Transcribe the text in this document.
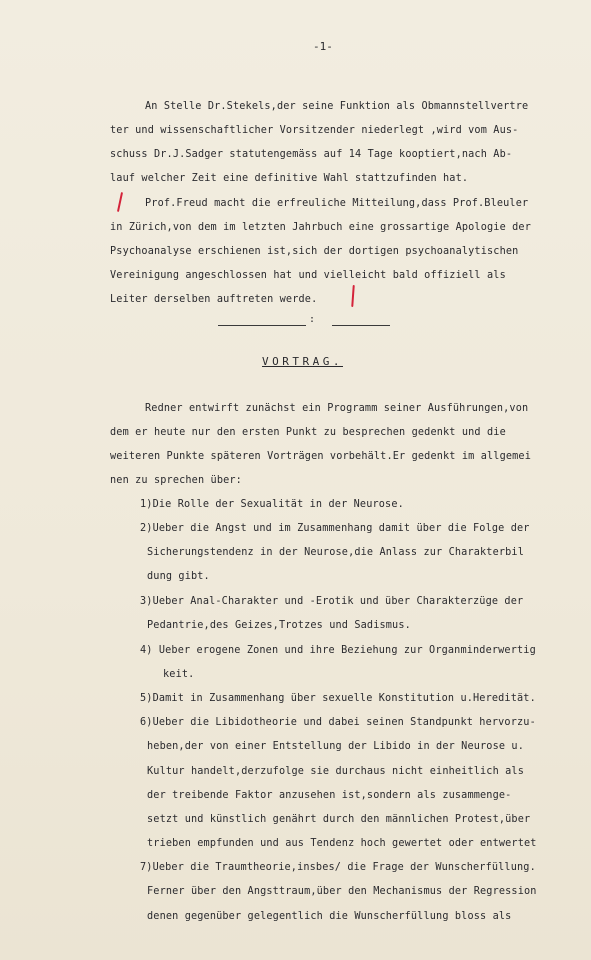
-1-
An Stelle Dr.Stekels,der seine Funktion als Obmannstellvertre
ter und wissenschaftlicher Vorsitzender niederlegt ,wird vom Aus-
schuss Dr.J.Sadger statutengemäss auf 14 Tage kooptiert,nach Ab-
lauf welcher Zeit eine definitive Wahl stattzufinden hat.
Prof.Freud macht die erfreuliche Mitteilung,dass Prof.Bleuler
in Zürich,von dem im letzten Jahrbuch eine grossartige Apologie der
Psychoanalyse erschienen ist,sich der dortigen psychoanalytischen
Vereinigung angeschlossen hat und vielleicht bald offiziell als
Leiter derselben auftreten werde.
:
VORTRAG.
Redner entwirft zunächst ein Programm seiner Ausführungen,von
dem er heute nur den ersten Punkt zu besprechen gedenkt und die
weiteren Punkte späteren Vorträgen vorbehält.Er gedenkt im allgemei
nen zu sprechen über:
1)Die Rolle der Sexualität in der Neurose.
2)Ueber die Angst und im Zusammenhang damit über die Folge der
Sicherungstendenz in der Neurose,die Anlass zur Charakterbil
dung gibt.
3)Ueber Anal-Charakter und -Erotik und über Charakterzüge der
Pedantrie,des Geizes,Trotzes und Sadismus.
4) Ueber erogene Zonen und ihre Beziehung zur Organminderwertig
keit.
5)Damit in Zusammenhang über sexuelle Konstitution u.Heredität.
6)Ueber die Libidotheorie und dabei seinen Standpunkt hervorzu-
heben,der von einer Entstellung der Libido in der Neurose u.
Kultur handelt,derzufolge sie durchaus nicht einheitlich als
der treibende Faktor anzusehen ist,sondern als zusammenge-
setzt und künstlich genährt durch den männlichen Protest,über
trieben empfunden und aus Tendenz hoch gewertet oder entwertet
7)Ueber die Traumtheorie,insbes/ die Frage der Wunscherfüllung.
Ferner über den Angsttraum,über den Mechanismus der Regression
denen gegenüber gelegentlich die Wunscherfüllung bloss als
